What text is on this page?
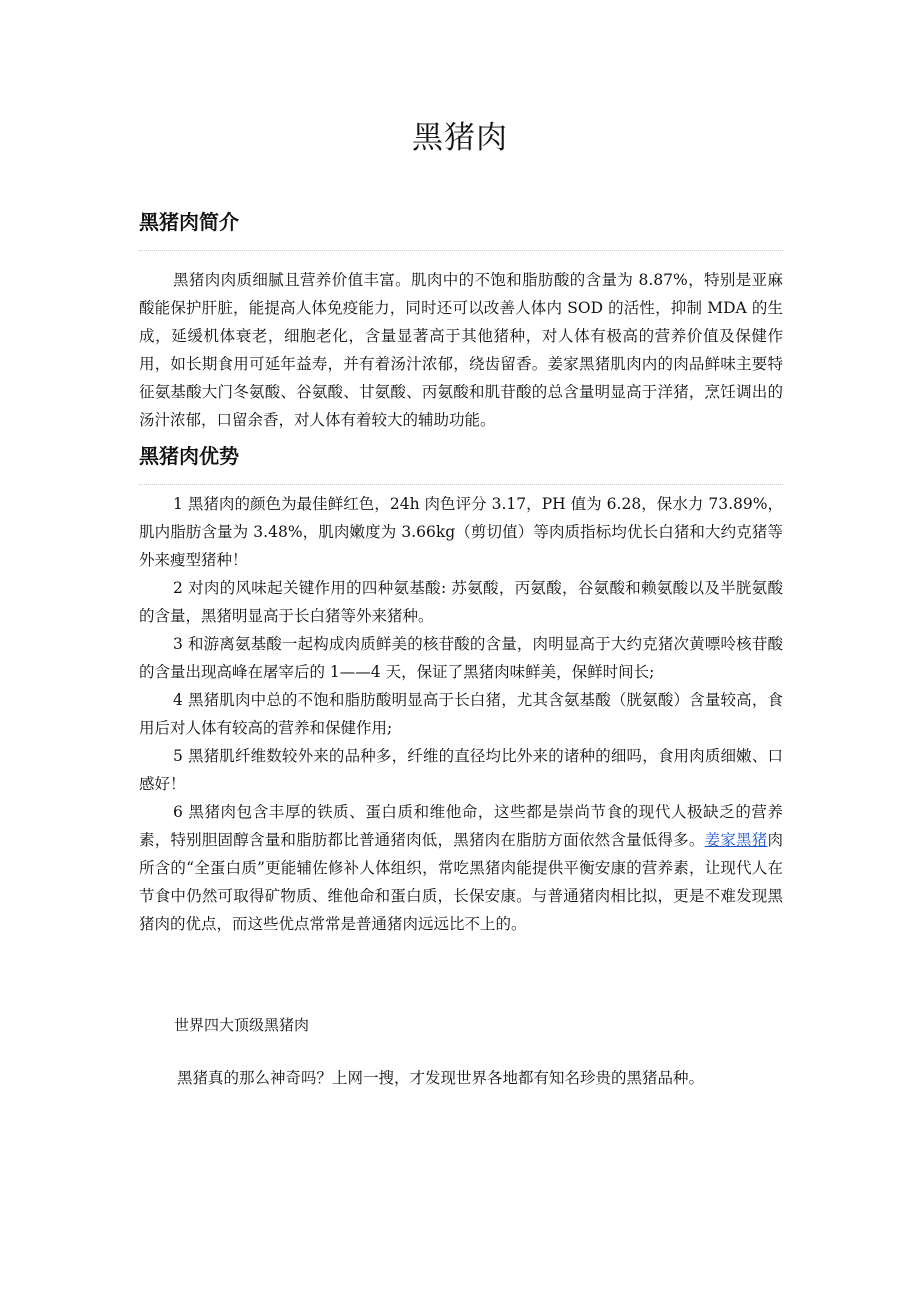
黑猪肉
黑猪肉简介

黑猪肉肉质细腻且营养价值丰富。肌肉中的不饱和脂肪酸的含量为 8.87%，特别是亚麻酸能保护肝脏，能提高人体免疫能力，同时还可以改善人体内 SOD 的活性，抑制 MDA 的生成，延缓机体衰老，细胞老化，含量显著高于其他猪种，对人体有极高的营养价值及保健作用，如长期食用可延年益寿，并有着汤汁浓郁，绕齿留香。姜家黑猪肌肉内的肉品鲜味主要特征氨基酸大门冬氨酸、谷氨酸、甘氨酸、丙氨酸和肌苷酸的总含量明显高于洋猪，烹饪调出的汤汁浓郁，口留余香，对人体有着较大的辅助功能。

黑猪肉优势

1 黑猪肉的颜色为最佳鲜红色，24h 肉色评分 3.17，PH 值为 6.28，保水力 73.89%，肌内脂肪含量为 3.48%，肌肉嫩度为 3.66kg（剪切值）等肉质指标均优长白猪和大约克猪等外来瘦型猪种！

2 对肉的风味起关键作用的四种氨基酸: 苏氨酸，丙氨酸，谷氨酸和赖氨酸以及半胱氨酸的含量，黑猪明显高于长白猪等外来猪种。

3 和游离氨基酸一起构成肉质鲜美的核苷酸的含量，肉明显高于大约克猪次黄嘌呤核苷酸的含量出现高峰在屠宰后的 1——4 天，保证了黑猪肉味鲜美，保鲜时间长;

4 黑猪肌肉中总的不饱和脂肪酸明显高于长白猪，尤其含氨基酸（胱氨酸）含量较高，食用后对人体有较高的营养和保健作用;

5 黑猪肌纤维数较外来的品种多，纤维的直径均比外来的诸种的细吗，食用肉质细嫩、口感好！

6 黑猪肉包含丰厚的铁质、蛋白质和维他命，这些都是崇尚节食的现代人极缺乏的营养素，特别胆固醇含量和脂肪都比普通猪肉低，黑猪肉在脂肪方面依然含量低得多。姜家黑猪肉所含的“全蛋白质”更能辅佐修补人体组织，常吃黑猪肉能提供平衡安康的营养素，让现代人在节食中仍然可取得矿物质、维他命和蛋白质，长保安康。与普通猪肉相比拟，更是不难发现黑猪肉的优点，而这些优点常常是普通猪肉远远比不上的。

世界四大顶级黑猪肉

黑猪真的那么神奇吗？上网一搜，才发现世界各地都有知名珍贵的黑猪品种。
